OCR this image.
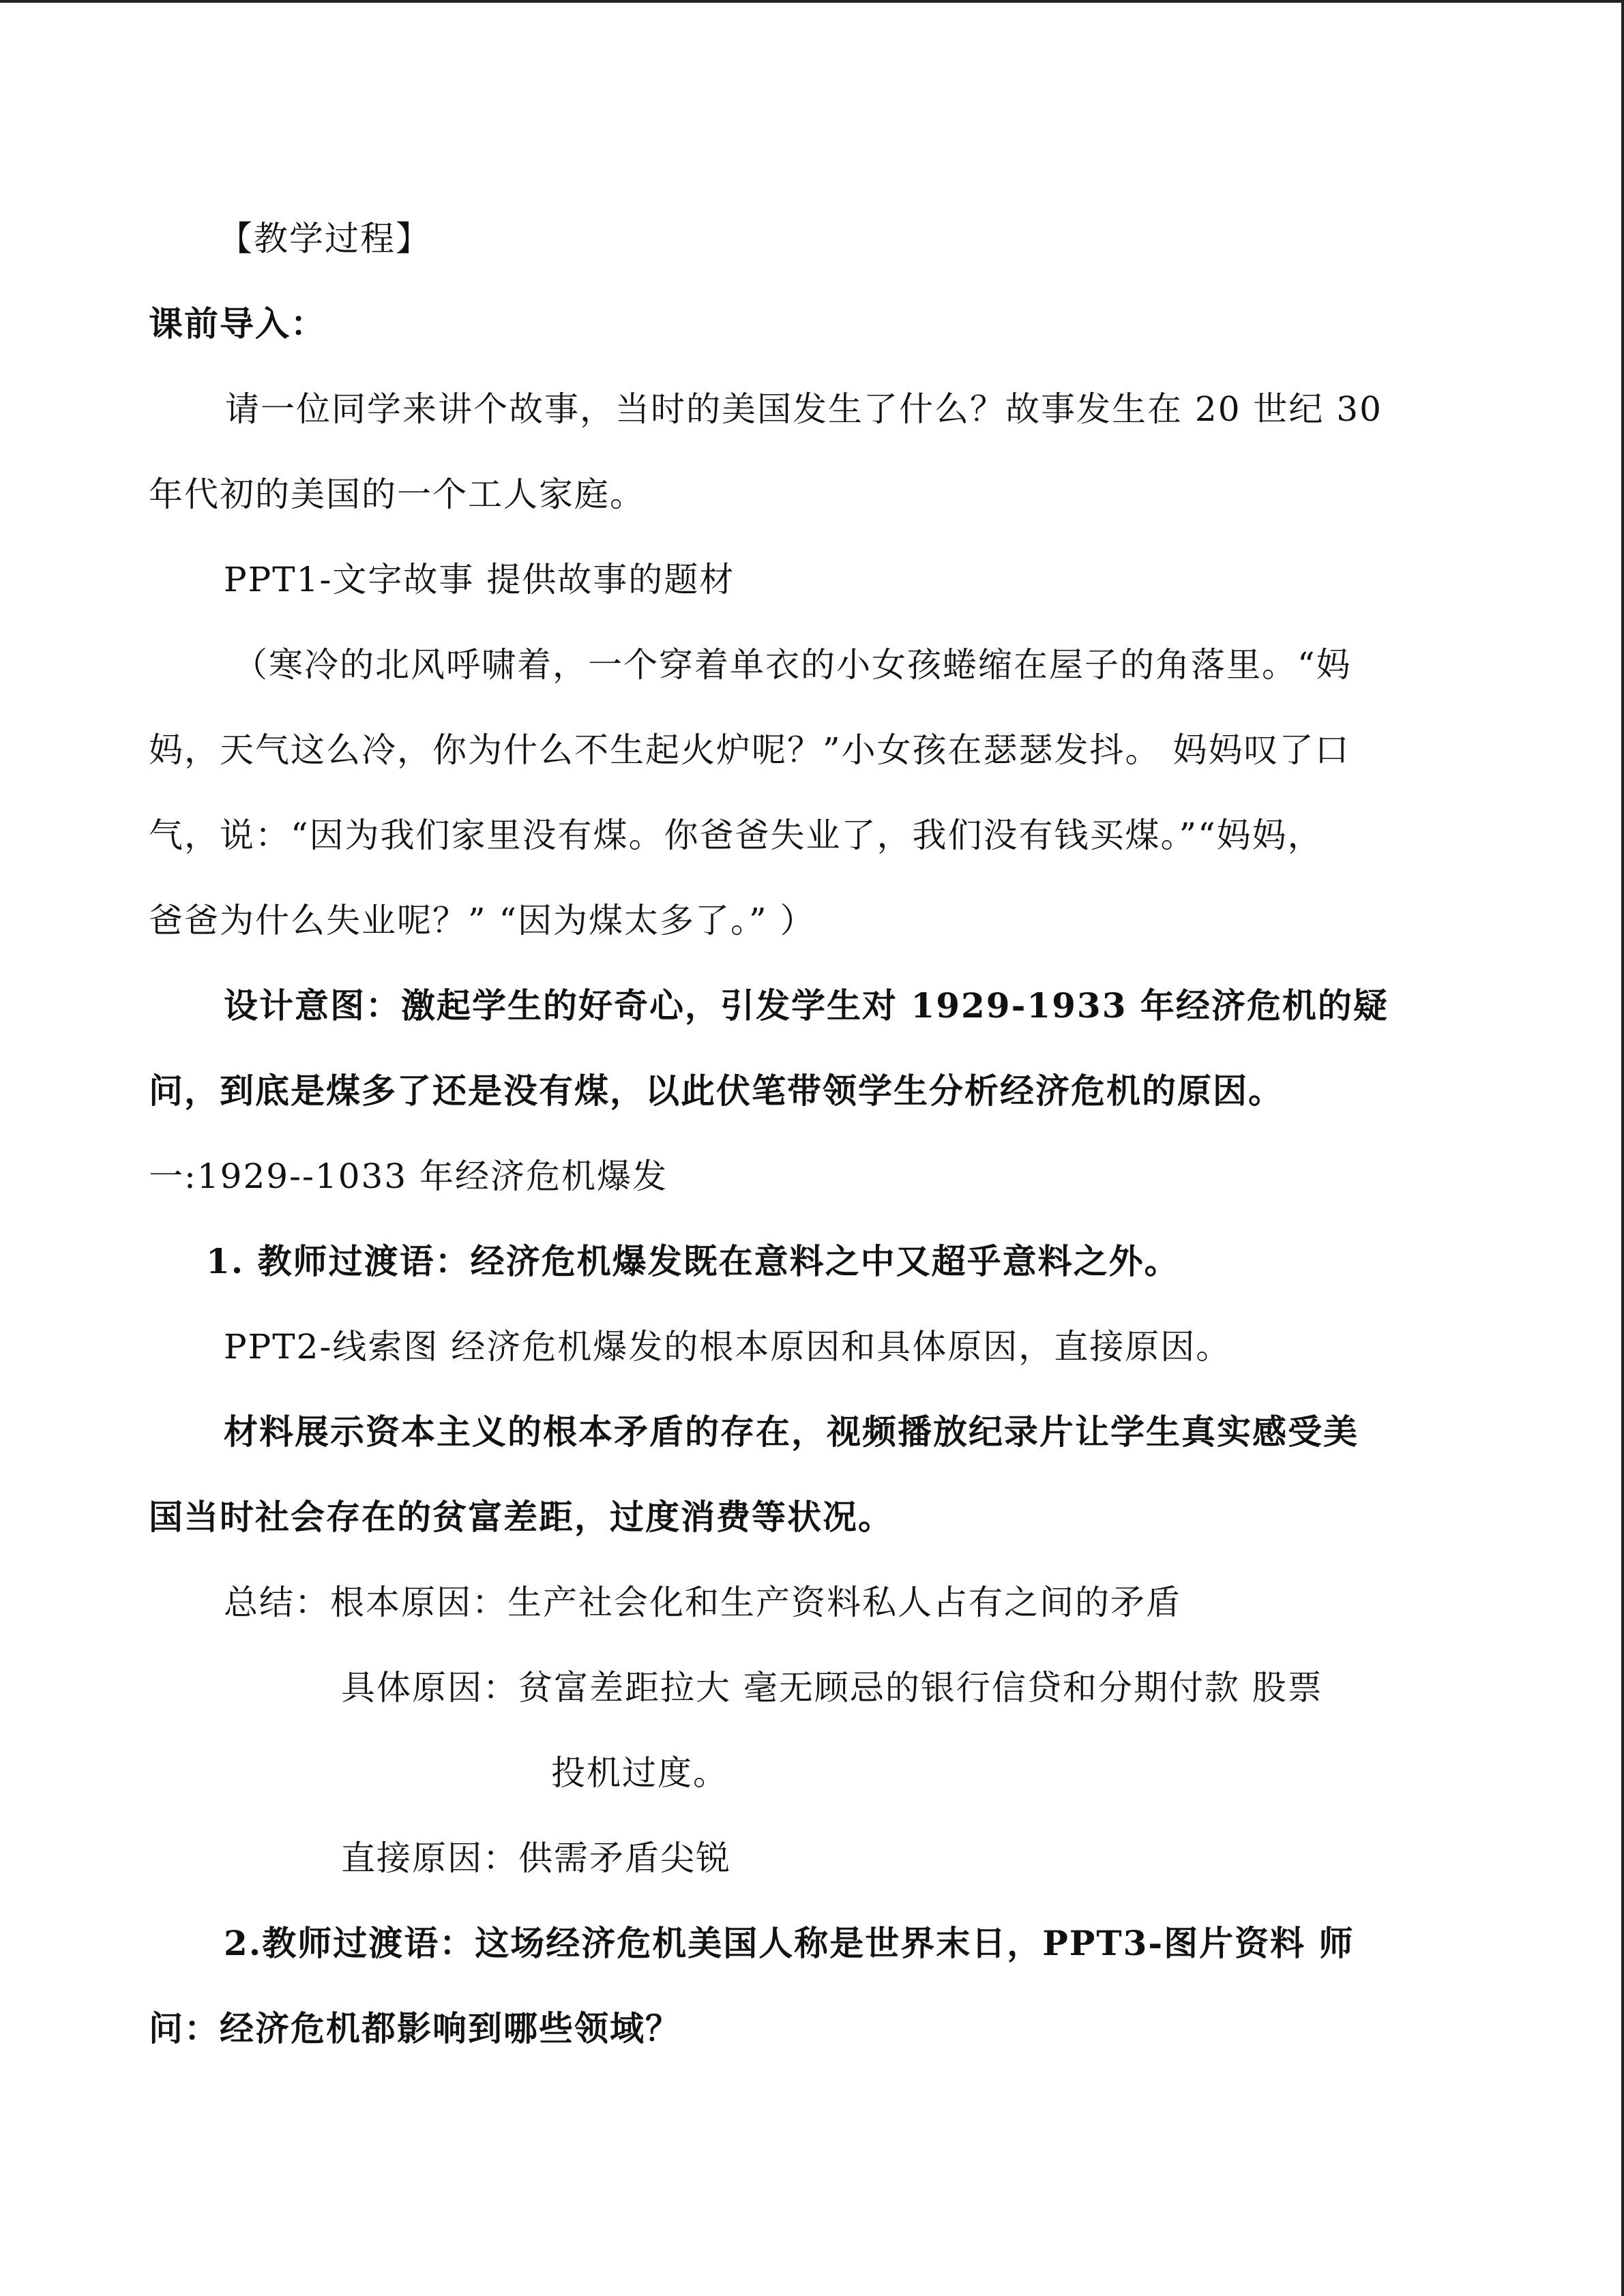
【教学过程】
课前导入：
请一位同学来讲个故事，当时的美国发生了什么？故事发生在 20 世纪 30
年代初的美国的一个工人家庭。
PPT1-文字故事 提供故事的题材
（寒冷的北风呼啸着，一个穿着单衣的小女孩蜷缩在屋子的角落里。“妈
妈，天气这么冷，你为什么不生起火炉呢？”小女孩在瑟瑟发抖。 妈妈叹了口
气，说：“因为我们家里没有煤。你爸爸失业了，我们没有钱买煤。”“妈妈，
爸爸为什么失业呢？” “因为煤太多了。” ）
设计意图：激起学生的好奇心，引发学生对 1929-1933 年经济危机的疑
问，到底是煤多了还是没有煤，以此伏笔带领学生分析经济危机的原因。
一:1929--1033 年经济危机爆发
1. 教师过渡语：经济危机爆发既在意料之中又超乎意料之外。
PPT2-线索图 经济危机爆发的根本原因和具体原因，直接原因。
材料展示资本主义的根本矛盾的存在，视频播放纪录片让学生真实感受美
国当时社会存在的贫富差距，过度消费等状况。
总结：根本原因：生产社会化和生产资料私人占有之间的矛盾
具体原因：贫富差距拉大 毫无顾忌的银行信贷和分期付款 股票
投机过度。
直接原因：供需矛盾尖锐
2.教师过渡语：这场经济危机美国人称是世界末日，PPT3-图片资料 师
问：经济危机都影响到哪些领域？
